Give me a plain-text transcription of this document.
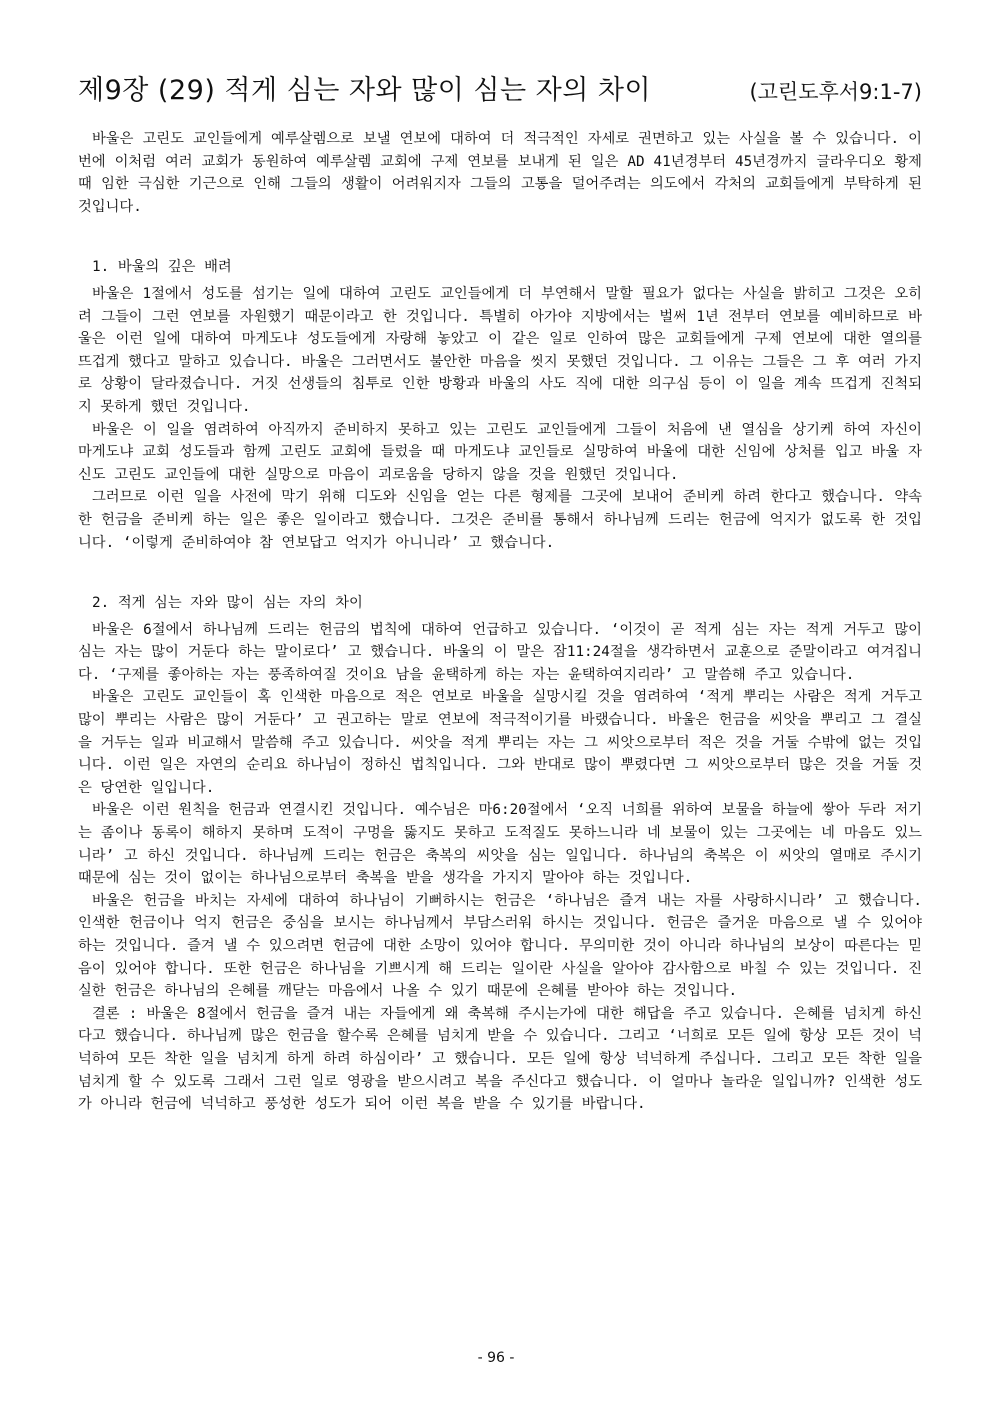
제9장 (29) 적게 심는 자와 많이 심는 자의 차이	(고린도후서9:1-7)

바울은 고린도 교인들에게 예루살렘으로 보낼 연보에 대하여 더 적극적인 자세로 권면하고 있는 사실을 볼 수 있습니다. 이번에 이처럼 여러 교회가 동원하여 예루살렘 교회에 구제 연보를 보내게 된 일은 AD 41년경부터 45년경까지 글라우디오 황제 때 임한 극심한 기근으로 인해 그들의 생활이 어려워지자 그들의 고통을 덜어주려는 의도에서 각처의 교회들에게 부탁하게 된 것입니다.

1. 바울의 깊은 배려

바울은 1절에서 성도를 섬기는 일에 대하여 고린도 교인들에게 더 부연해서 말할 필요가 없다는 사실을 밝히고 그것은 오히려 그들이 그런 연보를 자원했기 때문이라고 한 것입니다. 특별히 아가야 지방에서는 벌써 1년 전부터 연보를 예비하므로 바울은 이런 일에 대하여 마게도냐 성도들에게 자랑해 놓았고 이 같은 일로 인하여 많은 교회들에게 구제 연보에 대한 열의를 뜨겁게 했다고 말하고 있습니다. 바울은 그러면서도 불안한 마음을 씻지 못했던 것입니다. 그 이유는 그들은 그 후 여러 가지로 상황이 달라졌습니다. 거짓 선생들의 침투로 인한 방황과 바울의 사도 직에 대한 의구심 등이 이 일을 계속 뜨겁게 진척되지 못하게 했던 것입니다.

바울은 이 일을 염려하여 아직까지 준비하지 못하고 있는 고린도 교인들에게 그들이 처음에 낸 열심을 상기케 하여 자신이 마게도냐 교회 성도들과 함께 고린도 교회에 들렀을 때 마게도냐 교인들로 실망하여 바울에 대한 신임에 상처를 입고 바울 자신도 고린도 교인들에 대한 실망으로 마음이 괴로움을 당하지 않을 것을 원했던 것입니다.

그러므로 이런 일을 사전에 막기 위해 디도와 신임을 얻는 다른 형제를 그곳에 보내어 준비케 하려 한다고 했습니다. 약속한 헌금을 준비케 하는 일은 좋은 일이라고 했습니다. 그것은 준비를 통해서 하나님께 드리는 헌금에 억지가 없도록 한 것입니다. ‘이렇게 준비하여야 참 연보답고 억지가 아니니라’ 고 했습니다.

2. 적게 심는 자와 많이 심는 자의 차이

바울은 6절에서 하나님께 드리는 헌금의 법칙에 대하여 언급하고 있습니다. ‘이것이 곧 적게 심는 자는 적게 거두고 많이 심는 자는 많이 거둔다 하는 말이로다’ 고 했습니다. 바울의 이 말은 잠11:24절을 생각하면서 교훈으로 준말이라고 여겨집니다. ‘구제를 좋아하는 자는 풍족하여질 것이요 남을 윤택하게 하는 자는 윤택하여지리라’ 고 말씀해 주고 있습니다.

바울은 고린도 교인들이 혹 인색한 마음으로 적은 연보로 바울을 실망시킬 것을 염려하여 ‘적게 뿌리는 사람은 적게 거두고 많이 뿌리는 사람은 많이 거둔다’ 고 권고하는 말로 연보에 적극적이기를 바랬습니다. 바울은 헌금을 씨앗을 뿌리고 그 결실을 거두는 일과 비교해서 말씀해 주고 있습니다. 씨앗을 적게 뿌리는 자는 그 씨앗으로부터 적은 것을 거둘 수밖에 없는 것입니다. 이런 일은 자연의 순리요 하나님이 정하신 법칙입니다. 그와 반대로 많이 뿌렸다면 그 씨앗으로부터 많은 것을 거둘 것은 당연한 일입니다.

바울은 이런 원칙을 헌금과 연결시킨 것입니다. 예수님은 마6:20절에서 ‘오직 너희를 위하여 보물을 하늘에 쌓아 두라 저기는 좀이나 동록이 해하지 못하며 도적이 구멍을 뚫지도 못하고 도적질도 못하느니라 네 보물이 있는 그곳에는 네 마음도 있느니라’ 고 하신 것입니다. 하나님께 드리는 헌금은 축복의 씨앗을 심는 일입니다. 하나님의 축복은 이 씨앗의 열매로 주시기 때문에 심는 것이 없이는 하나님으로부터 축복을 받을 생각을 가지지 말아야 하는 것입니다.

바울은 헌금을 바치는 자세에 대하여 하나님이 기뻐하시는 헌금은 ‘하나님은 즐겨 내는 자를 사랑하시니라’ 고 했습니다. 인색한 헌금이나 억지 헌금은 중심을 보시는 하나님께서 부담스러워 하시는 것입니다. 헌금은 즐거운 마음으로 낼 수 있어야 하는 것입니다. 즐겨 낼 수 있으려면 헌금에 대한 소망이 있어야 합니다. 무의미한 것이 아니라 하나님의 보상이 따른다는 믿음이 있어야 합니다. 또한 헌금은 하나님을 기쁘시게 해 드리는 일이란 사실을 알아야 감사함으로 바칠 수 있는 것입니다. 진실한 헌금은 하나님의 은혜를 깨닫는 마음에서 나올 수 있기 때문에 은혜를 받아야 하는 것입니다.

결론 : 바울은 8절에서 헌금을 즐겨 내는 자들에게 왜 축복해 주시는가에 대한 해답을 주고 있습니다. 은혜를 넘치게 하신다고 했습니다. 하나님께 많은 헌금을 할수록 은혜를 넘치게 받을 수 있습니다. 그리고 ‘너희로 모든 일에 항상 모든 것이 넉넉하여 모든 착한 일을 넘치게 하게 하려 하심이라’ 고 했습니다. 모든 일에 항상 넉넉하게 주십니다. 그리고 모든 착한 일을 넘치게 할 수 있도록 그래서 그런 일로 영광을 받으시려고 복을 주신다고 했습니다. 이 얼마나 놀라운 일입니까? 인색한 성도가 아니라 헌금에 넉넉하고 풍성한 성도가 되어 이런 복을 받을 수 있기를 바랍니다.

- 96 -
